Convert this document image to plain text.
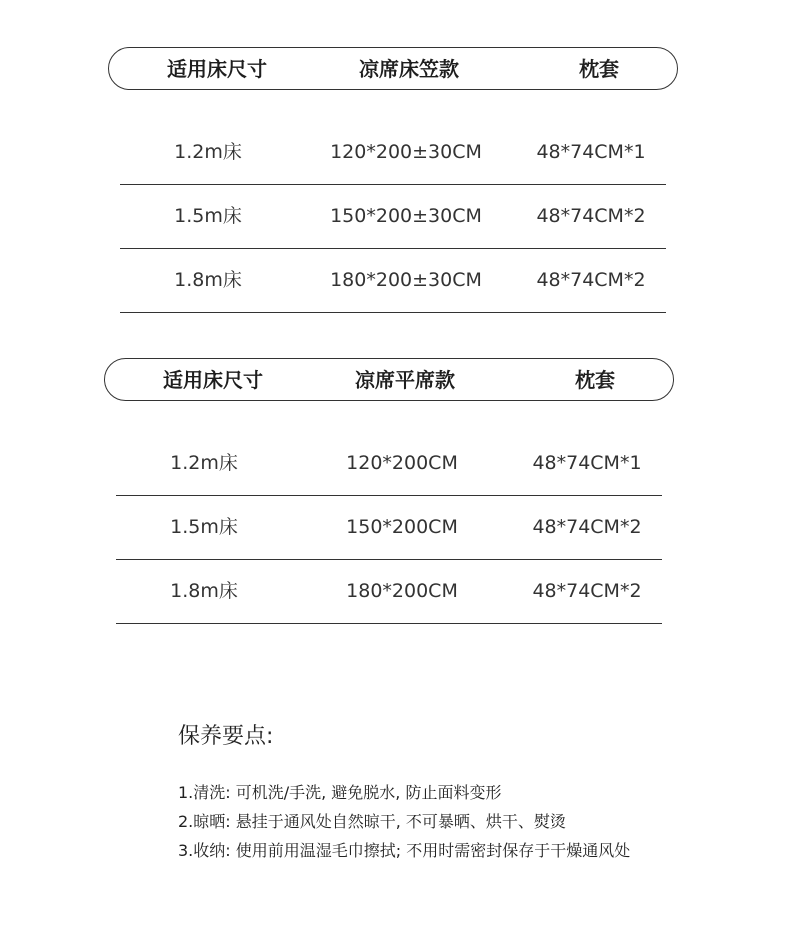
适用床尺寸	凉席床笠款	枕套
1.2m床	120*200±30CM	48*74CM*1
1.5m床	150*200±30CM	48*74CM*2
1.8m床	180*200±30CM	48*74CM*2
适用床尺寸	凉席平席款	枕套
1.2m床	120*200CM	48*74CM*1
1.5m床	150*200CM	48*74CM*2
1.8m床	180*200CM	48*74CM*2
保养要点:
1.清洗: 可机洗/手洗, 避免脱水, 防止面料变形
2.晾晒: 悬挂于通风处自然晾干, 不可暴晒、烘干、熨烫
3.收纳: 使用前用温湿毛巾擦拭; 不用时需密封保存于干燥通风处
